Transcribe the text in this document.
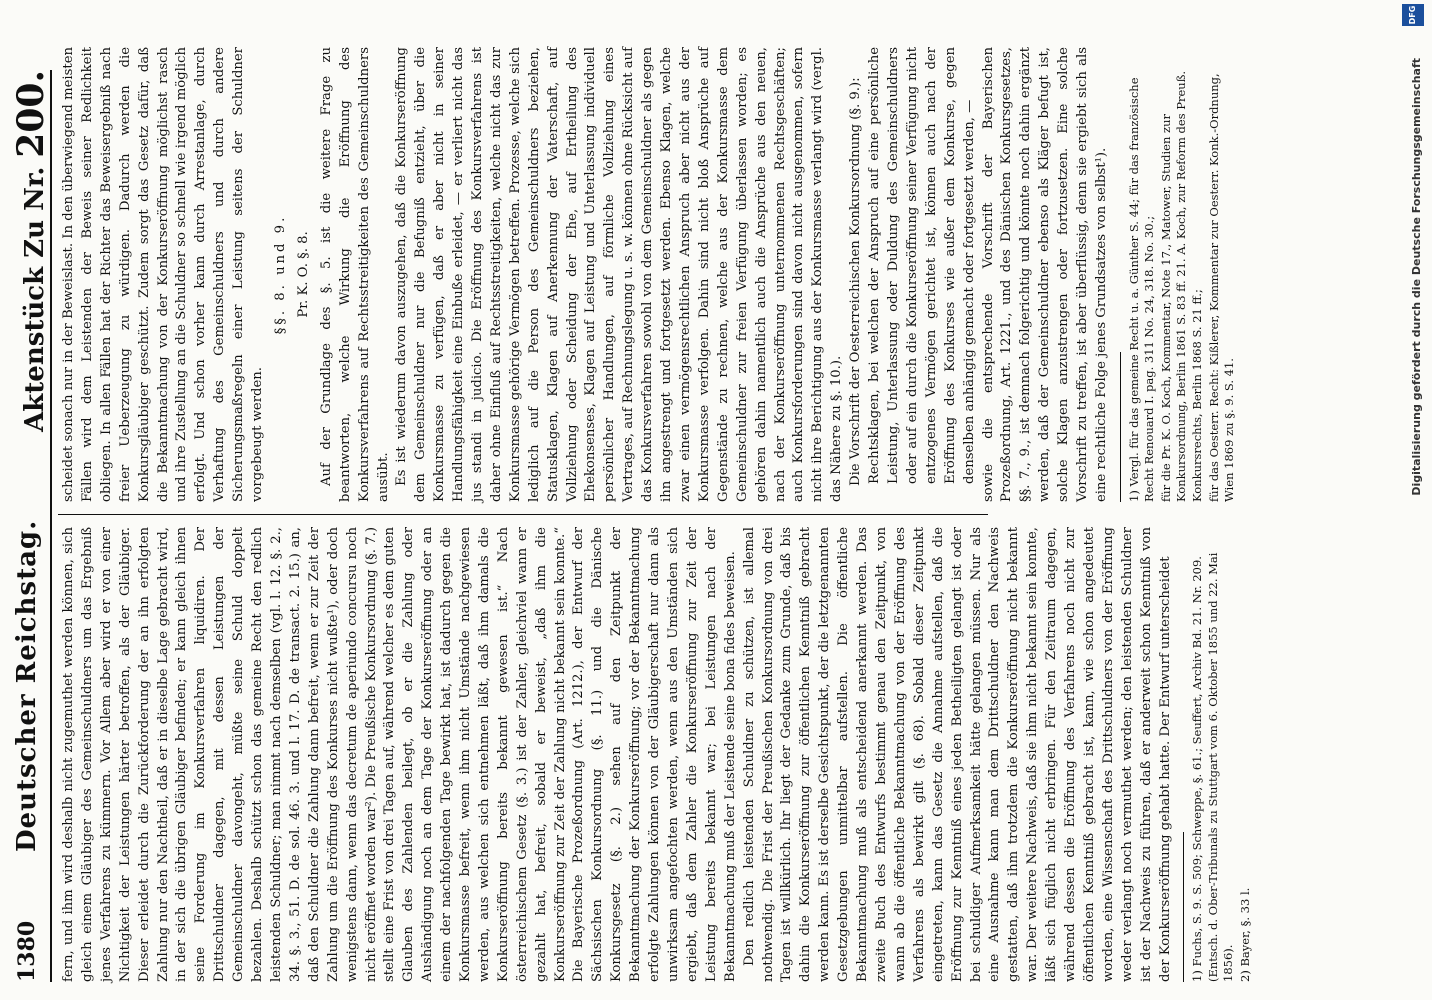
1380
Deutscher Reichstag.
Aktenstück Zu Nr. 200.

fern, und ihm wird deshalb nicht zugemuthet werden können, sich gleich einem Gläubiger des Gemeinschuldners um das Ergebniß jenes Verfahrens zu kümmern. Vor Allem aber wird er von einer Nichtigkeit der Leistungen härter betroffen, als der Gläubiger. Dieser erleidet durch die Zurückforderung der an ihn erfolgten Zahlung nur den Nachtheil, daß er in dieselbe Lage gebracht wird, in der sich die übrigen Gläubiger befinden; er kann gleich ihnen seine Forderung im Konkursverfahren liquidiren. Der Drittschuldner dagegen, mit dessen Leistungen der Gemeinschuldner davongeht, müßte seine Schuld doppelt bezahlen. Deshalb schützt schon das gemeine Recht den redlich leistenden Schuldner; man nimmt nach demselben (vgl. l. 12. §. 2., 34. §. 3., 51. D. de sol. 46. 3. und l. 17. D. de transact. 2. 15.) an, daß den Schuldner die Zahlung dann befreit, wenn er zur Zeit der Zahlung um die Eröffnung des Konkurses nicht wußte¹), oder doch wenigstens dann, wenn das decretum de aperiundo concursu noch nicht eröffnet worden war²). Die Preußische Konkursordnung (§. 7.) stellt eine Frist von drei Tagen auf, während welcher es dem guten Glauben des Zahlenden beilegt, ob er die Zahlung oder Aushändigung noch an dem Tage der Konkurseröffnung oder an einem der nachfolgenden Tage bewirkt hat, ist dadurch gegen die Konkursmasse befreit, wenn ihm nicht Umstände nachgewiesen werden, aus welchen sich entnehmen läßt, daß ihm damals die Konkurseröffnung bereits bekannt gewesen ist.“ Nach österreichischem Gesetz (§. 3.) ist der Zahler, gleichviel wann er gezahlt hat, befreit, sobald er beweist, „daß ihm die Konkurseröffnung zur Zeit der Zahlung nicht bekannt sein konnte.“ Die Bayerische Prozeßordnung (Art. 1212.), der Entwurf der Sächsischen Konkursordnung (§. 11.) und die Dänische Konkursgesetz (§. 2.) sehen auf den Zeitpunkt der Bekanntmachung der Konkurseröffnung; vor der Bekanntmachung erfolgte Zahlungen können von der Gläubigerschaft nur dann als unwirksam angefochten werden, wenn aus den Umständen sich ergiebt, daß dem Zahler die Konkurseröffnung zur Zeit der Leistung bereits bekannt war; bei Leistungen nach der Bekanntmachung muß der Leistende seine bona fides beweisen. Den redlich leistenden Schuldner zu schützen, ist allemal nothwendig. Die Frist der Preußischen Konkursordnung von drei Tagen ist willkürlich. Ihr liegt der Gedanke zum Grunde, daß bis dahin die Konkurseröffnung zur öffentlichen Kenntniß gebracht werden kann. Es ist derselbe Gesichtspunkt, der die letztgenannten Gesetzgebungen unmittelbar aufstellen. Die öffentliche Bekanntmachung muß als entscheidend anerkannt werden. Das zweite Buch des Entwurfs bestimmt genau den Zeitpunkt, von wann ab die öffentliche Bekanntmachung von der Eröffnung des Verfahrens als bewirkt gilt (§. 68). Sobald dieser Zeitpunkt eingetreten, kann das Gesetz die Annahme aufstellen, daß die Eröffnung zur Kenntniß eines jeden Betheiligten gelangt ist oder bei schuldiger Aufmerksamkeit hätte gelangen müssen. Nur als eine Ausnahme kann man dem Drittschuldner den Nachweis gestatten, daß ihm trotzdem die Konkurseröffnung nicht bekannt war. Der weitere Nachweis, daß sie ihm nicht bekannt sein konnte, läßt sich füglich nicht erbringen. Für den Zeitraum dagegen, während dessen die Eröffnung des Verfahrens noch nicht zur öffentlichen Kenntniß gebracht ist, kann, wie schon angedeutet worden, eine Wissenschaft des Drittschuldners von der Eröffnung weder verlangt noch vermuthet werden; den leistenden Schuldner ist der Nachweis zu führen, daß er anderweit schon Kenntniß von der Konkurseröffnung gehabt hatte. Der Entwurf unterscheidet 1) Fuchs, S. 9. S. 509; Schweppe, §. 61.; Seuffert, Archiv Bd. 21. Nr. 209. (Entsch. d. Ober-Tribunals zu Stuttgart vom 6. Oktober 1855 und 22. Mai 1856). 2) Bayer, §. 33 l.

scheidet sonach nur in der Beweislast. In den überwiegend meisten Fällen wird dem Leistenden der Beweis seiner Redlichkeit obliegen. In allen Fällen hat der Richter das Beweisergebniß nach freier Ueberzeugung zu würdigen. Dadurch werden die Konkursgläubiger geschützt. Zudem sorgt das Gesetz dafür, daß die Bekanntmachung von der Konkurseröffnung möglichst rasch und ihre Zustellung an die Schuldner so schnell wie irgend möglich erfolgt. Und schon vorher kann durch Arrestanlage, durch Verhaftung des Gemeinschuldners und durch andere Sicherungsmaßregeln einer Leistung seitens der Schuldner vorgebeugt werden.

§§. 8. und 9. Pr. K. O. §. 8. Auf der Grundlage des §. 5. ist die weitere Frage zu beantworten, welche Wirkung die Eröffnung des Konkursverfahrens auf Rechtsstreitigkeiten des Gemeinschuldners ausübt. Es ist wiederum davon auszugehen, daß die Konkurseröffnung dem Gemeinschuldner nur die Befugniß entzieht, über die Konkursmasse zu verfügen, daß er aber nicht in seiner Handlungsfähigkeit eine Einbuße erleidet, — er verliert nicht das jus standi in judicio. Die Eröffnung des Konkursverfahrens ist daher ohne Einfluß auf Rechtsstreitigkeiten, welche nicht das zur Konkursmasse gehörige Vermögen betreffen. Prozesse, welche sich lediglich auf die Person des Gemeinschuldners beziehen, Statusklagen, Klagen auf Anerkennung der Vaterschaft, auf Vollziehung oder Scheidung der Ehe, auf Ertheilung des Ehekonsenses, Klagen auf Leistung und Unterlassung individuell persönlicher Handlungen, auf förmliche Vollziehung eines Vertrages, auf Rechnungslegung u. s. w. können ohne Rücksicht auf das Konkursverfahren sowohl von dem Gemeinschuldner als gegen ihn angestrengt und fortgesetzt werden. Ebenso Klagen, welche zwar einen vermögensrechtlichen Anspruch aber nicht aus der Konkursmasse verfolgen. Dahin sind nicht bloß Ansprüche auf Gegenstände zu rechnen, welche aus der Konkursmasse dem Gemeinschuldner zur freien Verfügung überlassen worden; es gehören dahin namentlich auch die Ansprüche aus den neuen, nach der Konkurseröffnung unternommenen Rechtsgeschäften; auch Konkursforderungen sind davon nicht ausgenommen, sofern nicht ihre Berichtigung aus der Konkursmasse verlangt wird (vergl. das Nähere zu §. 10.). Die Vorschrift der Oesterreichischen Konkursordnung (§. 9.): Rechtsklagen, bei welchen der Anspruch auf eine persönliche Leistung, Unterlassung oder Duldung des Gemeinschuldners oder auf ein durch die Konkurseröffnung seiner Verfügung nicht entzogenes Vermögen gerichtet ist, können auch nach der Eröffnung des Konkurses wie außer dem Konkurse, gegen denselben anhängig gemacht oder fortgesetzt werden, — sowie die entsprechende Vorschrift der Bayerischen Prozeßordnung, Art. 1221., und des Dänischen Konkursgesetzes, §§. 7., 9., ist demnach folgerichtig und könnte noch dahin ergänzt werden, daß der Gemeinschuldner ebenso als Kläger befugt ist, solche Klagen anzustrengen oder fortzusetzen. Eine solche Vorschrift zu treffen, ist aber überflüssig, denn sie ergiebt sich als eine rechtliche Folge jenes Grundsatzes von selbst¹). 1) Vergl. für das gemeine Recht u. a. Günther S. 44; für das französische Recht Renouard I. pag. 311 No. 24, 318. No. 30.; für die Pr. K. O. Koch, Kommentar, Note 17., Matower, Studien zur Konkursordnung, Berlin 1861 S. 83 ff. 21. A. Koch, zur Reform des Preuß. Konkursrechts, Berlin 1868 S. 21 ff.; für das Oesterr. Recht: Kißlerer, Kommentar zur Oesterr. Konk.-Ordnung, Wien 1869 zu §. 9. S. 41.	Digitalisierung gefördert durch die Deutsche Forschungsgemeinschaft
DFG
